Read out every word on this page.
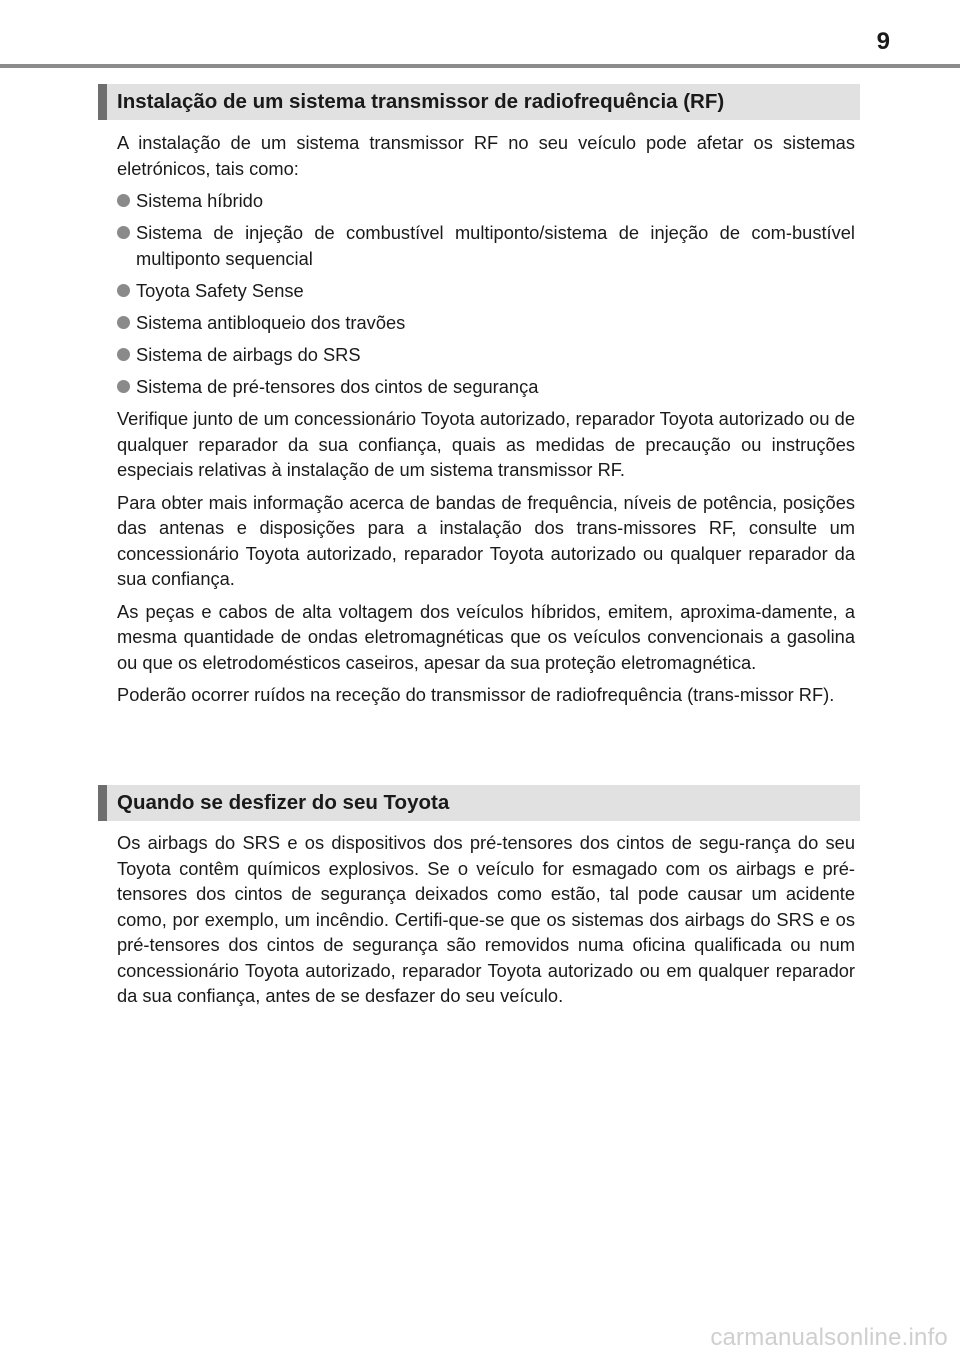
9
Instalação de um sistema transmissor de radiofrequência (RF)

A instalação de um sistema transmissor RF no seu veículo pode afetar os sistemas eletrónicos, tais como:

Sistema híbrido
Sistema de injeção de combustível multiponto/sistema de injeção de com-bustível multiponto sequencial
Toyota Safety Sense
Sistema antibloqueio dos travões
Sistema de airbags do SRS
Sistema de pré-tensores dos cintos de segurança

Verifique junto de um concessionário Toyota autorizado, reparador Toyota autorizado ou de qualquer reparador da sua confiança, quais as medidas de precaução ou instruções especiais relativas à instalação de um sistema transmissor RF.

Para obter mais informação acerca de bandas de frequência, níveis de potência, posições das antenas e disposições para a instalação dos trans-missores RF, consulte um concessionário Toyota autorizado, reparador Toyota autorizado ou qualquer reparador da sua confiança.

As peças e cabos de alta voltagem dos veículos híbridos, emitem, aproxima-damente, a mesma quantidade de ondas eletromagnéticas que os veículos convencionais a gasolina ou que os eletrodomésticos caseiros, apesar da sua proteção eletromagnética.

Poderão ocorrer ruídos na receção do transmissor de radiofrequência (trans-missor RF).

Quando se desfizer do seu Toyota

Os airbags do SRS e os dispositivos dos pré-tensores dos cintos de segu-rança do seu Toyota contêm químicos explosivos. Se o veículo for esmagado com os airbags e pré-tensores dos cintos de segurança deixados como estão, tal pode causar um acidente como, por exemplo, um incêndio. Certifi-que-se que os sistemas dos airbags do SRS e os pré-tensores dos cintos de segurança são removidos numa oficina qualificada ou num concessionário Toyota autorizado, reparador Toyota autorizado ou em qualquer reparador da sua confiança, antes de se desfazer do seu veículo.

carmanualsonline.info
